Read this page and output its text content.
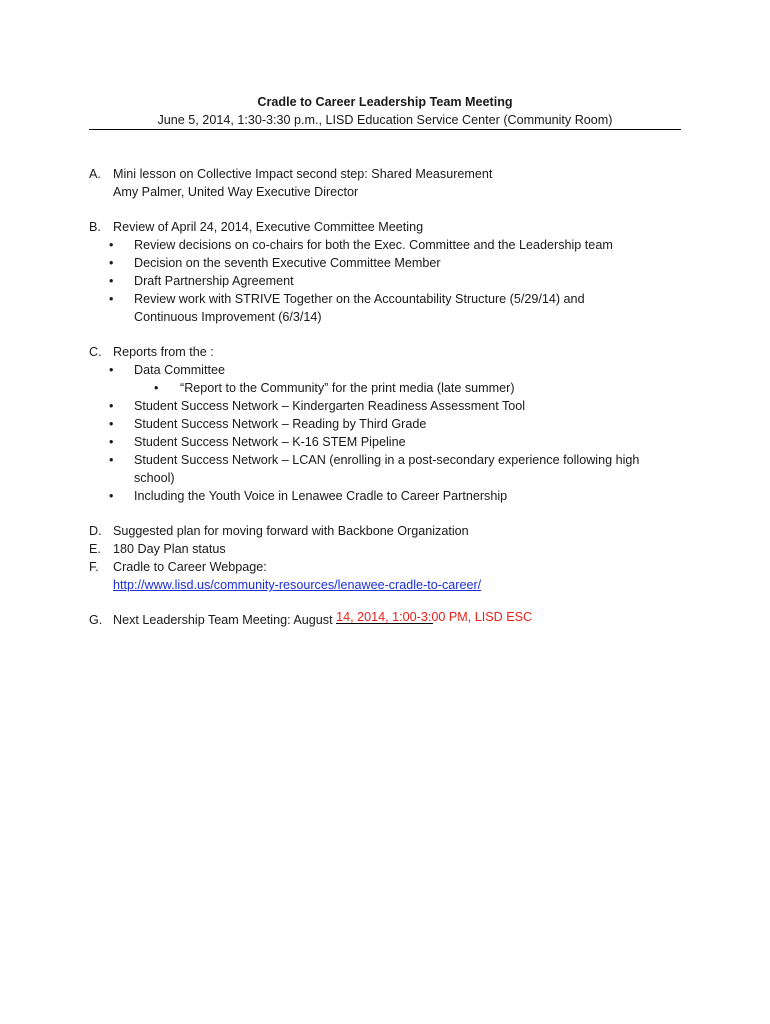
Cradle to Career Leadership Team Meeting
June 5, 2014, 1:30-3:30 p.m., LISD Education Service Center (Community Room)
A. Mini lesson on Collective Impact second step: Shared Measurement
Amy Palmer, United Way Executive Director
B. Review of April 24, 2014, Executive Committee Meeting
• Review decisions on co-chairs for both the Exec. Committee and the Leadership team
• Decision on the seventh Executive Committee Member
• Draft Partnership Agreement
• Review work with STRIVE Together on the Accountability Structure (5/29/14) and Continuous Improvement (6/3/14)
C. Reports from the :
• Data Committee
• “Report to the Community” for the print media (late summer)
• Student Success Network – Kindergarten Readiness Assessment Tool
• Student Success Network – Reading by Third Grade
• Student Success Network – K-16 STEM Pipeline
• Student Success Network – LCAN (enrolling in a post-secondary experience following high school)
• Including the Youth Voice in Lenawee Cradle to Career Partnership
D. Suggested plan for moving forward with Backbone Organization
E. 180 Day Plan status
F.	Cradle to Career Webpage:
http://www.lisd.us/community-resources/lenawee-cradle-to-career/
G. Next Leadership Team Meeting: August 14, 2014, 1:00-3:00 PM, LISD ESC
